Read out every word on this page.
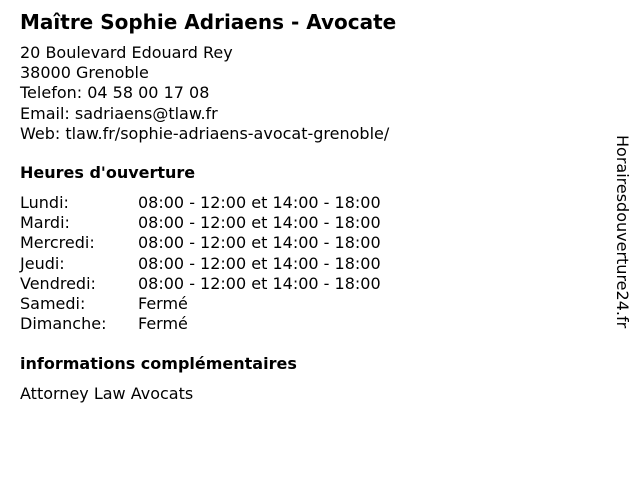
Maître Sophie Adriaens - Avocate
20 Boulevard Edouard Rey
38000 Grenoble
Telefon: 04 58 00 17 08
Email: sadriaens@tlaw.fr
Web: tlaw.fr/sophie-adriaens-avocat-grenoble/
Heures d'ouverture
Lundi:	08:00 - 12:00 et 14:00 - 18:00
Mardi:	08:00 - 12:00 et 14:00 - 18:00
Mercredi:	08:00 - 12:00 et 14:00 - 18:00
Jeudi:	08:00 - 12:00 et 14:00 - 18:00
Vendredi:	08:00 - 12:00 et 14:00 - 18:00
Samedi:	Fermé
Dimanche:	Fermé
informations complémentaires
Attorney Law Avocats
Horairesdouverture24.fr
